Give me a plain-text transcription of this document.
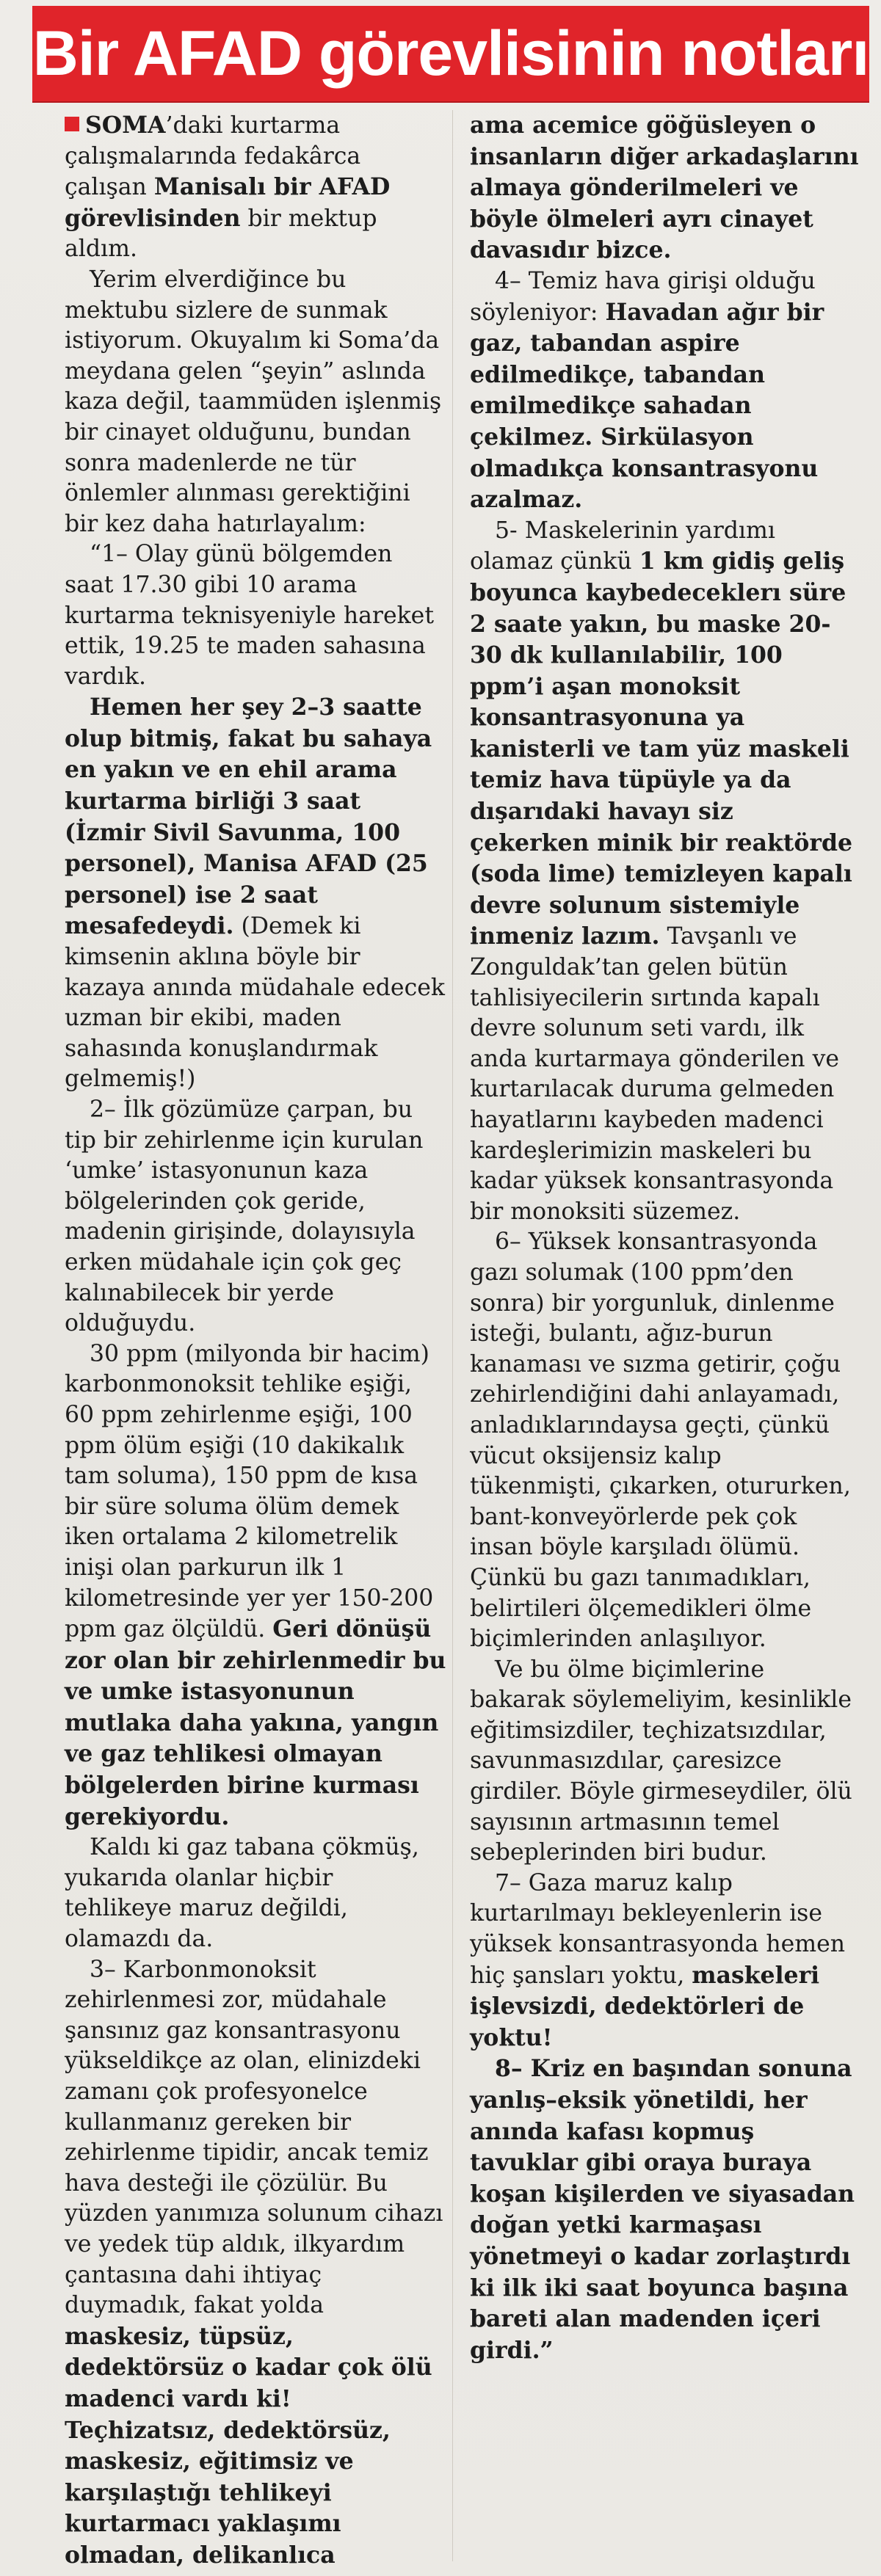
Bir AFAD görevlisinin notları

SOMA’daki kurtarma çalışmalarında fedakârca çalışan Manisalı bir AFAD görevlisinden bir mektup aldım.

Yerim elverdiğince bu mektubu sizlere de sunmak istiyorum. Okuyalım ki Soma’da meydana gelen “şeyin” aslında kaza değil, taammüden işlenmiş bir cinayet olduğunu, bundan sonra madenlerde ne tür önlemler alınması gerektiğini bir kez daha hatırlayalım:

“1– Olay günü bölgemden saat 17.30 gibi 10 arama kurtarma teknisyeniyle hareket ettik, 19.25 te maden sahasına vardık.

Hemen her şey 2–3 saatte olup bitmiş, fakat bu sahaya en yakın ve en ehil arama kurtarma birliği 3 saat (İzmir Sivil Savunma, 100 personel), Manisa AFAD (25 personel) ise 2 saat mesafedeydi. (Demek ki kimsenin aklına böyle bir kazaya anında müdahale edecek uzman bir ekibi, maden sahasında konuşlandırmak gelmemiş!)

2– İlk gözümüze çarpan, bu tip bir zehirlenme için kurulan ‘umke’ istasyonunun kaza bölgelerinden çok geride, madenin girişinde, dolayısıyla erken müdahale için çok geç kalınabilecek bir yerde olduğuydu.

30 ppm (milyonda bir hacim) karbonmonoksit tehlike eşiği, 60 ppm zehirlenme eşiği, 100 ppm ölüm eşiği (10 dakikalık tam soluma), 150 ppm de kısa bir süre soluma ölüm demek iken ortalama 2 kilometrelik inişi olan parkurun ilk 1 kilometresinde yer yer 150-200 ppm gaz ölçüldü. Geri dönüşü zor olan bir zehirlenmedir bu ve umke istasyonunun mutlaka daha yakına, yangın ve gaz tehlikesi olmayan bölgelerden birine kurması gerekiyordu.

Kaldı ki gaz tabana çökmüş, yukarıda olanlar hiçbir tehlikeye maruz değildi, olamazdı da.

3– Karbonmonoksit zehirlenmesi zor, müdahale şansınız gaz konsantrasyonu yükseldikçe az olan, elinizdeki zamanı çok profesyonelce kullanmanız gereken bir zehirlenme tipidir, ancak temiz hava desteği ile çözülür. Bu yüzden yanımıza solunum cihazı ve yedek tüp aldık, ilkyardım çantasına dahi ihtiyaç duymadık, fakat yolda maskesiz, tüpsüz, dedektörsüz o kadar çok ölü madenci vardı ki! Teçhizatsız, dedektörsüz, maskesiz, eğitimsiz ve karşılaştığı tehlikeyi kurtarmacı yaklaşımı olmadan, delikanlıca

ama acemice göğüsleyen o insanların diğer arkadaşlarını almaya gönderilmeleri ve böyle ölmeleri ayrı cinayet davasıdır bizce.

4– Temiz hava girişi olduğu söyleniyor: Havadan ağır bir gaz, tabandan aspire edilmedikçe, tabandan emilmedikçe sahadan çekilmez. Sirkülasyon olmadıkça konsantrasyonu azalmaz.

5- Maskelerinin yardımı olamaz çünkü 1 km gidiş geliş boyunca kaybedeceklerı süre 2 saate yakın, bu maske 20-30 dk kullanılabilir, 100 ppm’i aşan monoksit konsantrasyonuna ya kanisterli ve tam yüz maskeli temiz hava tüpüyle ya da dışarıdaki havayı siz çekerken minik bir reaktörde (soda lime) temizleyen kapalı devre solunum sistemiyle inmeniz lazım. Tavşanlı ve Zonguldak’tan gelen bütün tahlisiyecilerin sırtında kapalı devre solunum seti vardı, ilk anda kurtarmaya gönderilen ve kurtarılacak duruma gelmeden hayatlarını kaybeden madenci kardeşlerimizin maskeleri bu kadar yüksek konsantrasyonda bir monoksiti süzemez.

6– Yüksek konsantrasyonda gazı solumak (100 ppm’den sonra) bir yorgunluk, dinlenme isteği, bulantı, ağız-burun kanaması ve sızma getirir, çoğu zehirlendiğini dahi anlayamadı, anladıklarındaysa geçti, çünkü vücut oksijensiz kalıp tükenmişti, çıkarken, otururken, bant-konveyörlerde pek çok insan böyle karşıladı ölümü. Çünkü bu gazı tanımadıkları, belirtileri ölçemedikleri ölme biçimlerinden anlaşılıyor.

Ve bu ölme biçimlerine bakarak söylemeliyim, kesinlikle eğitimsizdiler, teçhizatsızdılar, savunmasızdılar, çaresizce girdiler. Böyle girmeseydiler, ölü sayısının artmasının temel sebeplerinden biri budur.

7– Gaza maruz kalıp kurtarılmayı bekleyenlerin ise yüksek konsantrasyonda hemen hiç şansları yoktu, maskeleri işlevsizdi, dedektörleri de yoktu!

8– Kriz en başından sonuna yanlış–eksik yönetildi, her anında kafası kopmuş tavuklar gibi oraya buraya koşan kişilerden ve siyasadan doğan yetki karmaşası yönetmeyi o kadar zorlaştırdı ki ilk iki saat boyunca başına bareti alan madenden içeri girdi.”
